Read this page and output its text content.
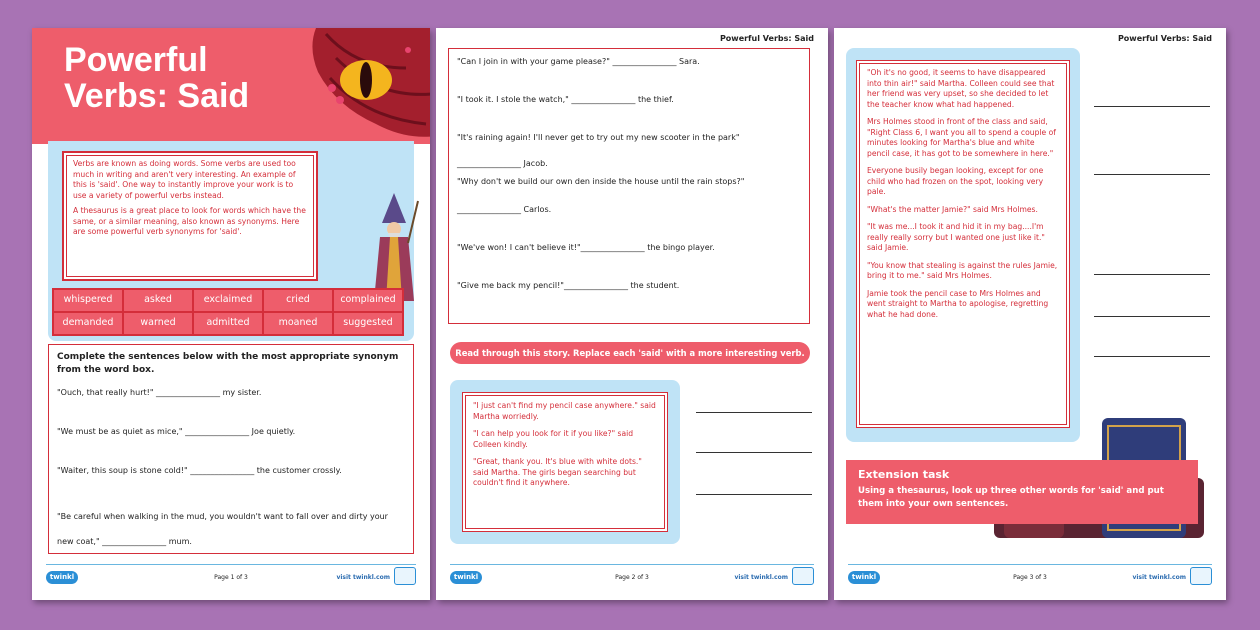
Powerful
Verbs: Said

Verbs are known as doing words. Some verbs are used too much in writing and aren't very interesting. An example of this is 'said'. One way to instantly improve your work is to use a variety of powerful verbs instead.

A thesaurus is a great place to look for words which have the same, or a similar meaning, also known as synonyms. Here are some powerful verb synonyms for 'said'.

whispered	asked	exclaimed	cried	complained
demanded	warned	admitted	moaned	suggested
Complete the sentences below with the most appropriate synonym from the word box.
"Ouch, that really hurt!" ________________ my sister.
"We must be as quiet as mice," ________________ Joe quietly.
"Waiter, this soup is stone cold!" ________________ the customer crossly.
"Be careful when walking in the mud, you wouldn't want to fall over and dirty your new coat," ________________ mum.
twinkl	Page 1 of 3	visit twinkl.com
Powerful Verbs: Said
"Can I join in with your game please?" ________________ Sara.
"I took it. I stole the watch," ________________ the thief.
"It's raining again! I'll never get to try out my new scooter in the park"
________________ Jacob.
"Why don't we build our own den inside the house until the rain stops?"
________________ Carlos.
"We've won! I can't believe it!"________________ the bingo player.
"Give me back my pencil!"________________ the student.
Read through this story. Replace each 'said' with a more interesting verb.

"I just can't find my pencil case anywhere." said Martha worriedly.

"I can help you look for it if you like?" said Colleen kindly.

"Great, thank you. It's blue with white dots." said Martha. The girls began searching but couldn't find it anywhere.

twinkl	Page 2 of 3	visit twinkl.com
Powerful Verbs: Said

"Oh it's no good, it seems to have disappeared into thin air!" said Martha. Colleen could see that her friend was very upset, so she decided to let the teacher know what had happened.

Mrs Holmes stood in front of the class and said, "Right Class 6, I want you all to spend a couple of minutes looking for Martha's blue and white pencil case, it has got to be somewhere in here."

Everyone busily began looking, except for one child who had frozen on the spot, looking very pale.

"What's the matter Jamie?" said Mrs Holmes.

"It was me...I took it and hid it in my bag....I'm really really sorry but I wanted one just like it." said Jamie.

"You know that stealing is against the rules Jamie, bring it to me." said Mrs Holmes.

Jamie took the pencil case to Mrs Holmes and went straight to Martha to apologise, regretting what he had done.

Extension task
Using a thesaurus, look up three other words for 'said' and put them into your own sentences.
twinkl	Page 3 of 3	visit twinkl.com
